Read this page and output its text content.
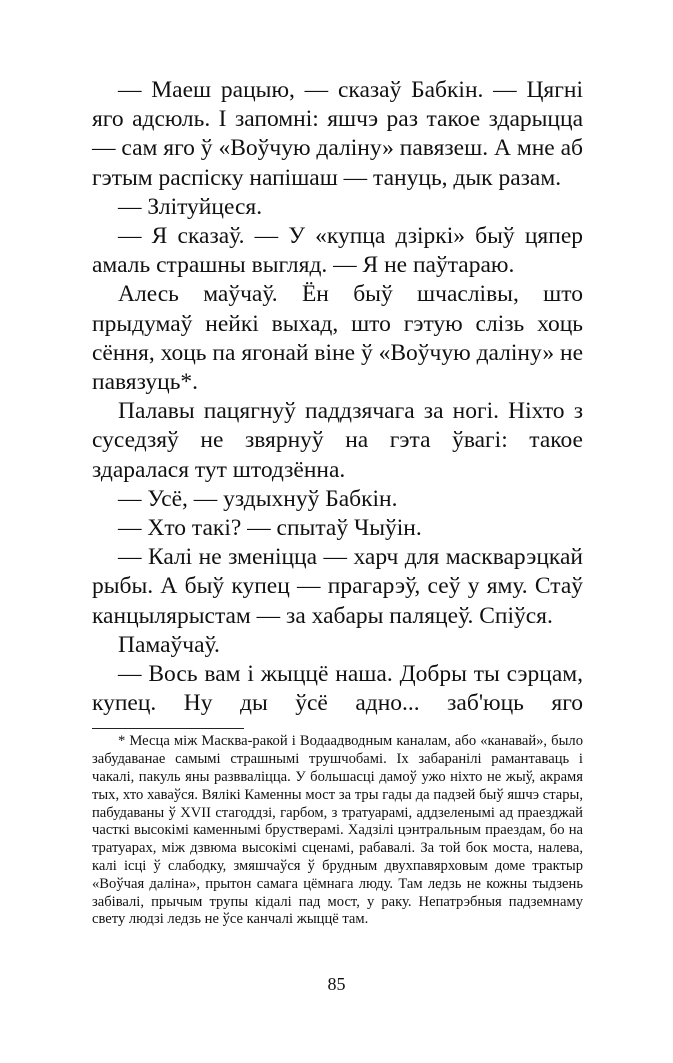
— Маеш рацыю, — сказаў Бабкін. — Цягні яго адсюль. І запомні: яшчэ раз такое здарыцца — сам яго ў «Воўчую даліну» павязеш. А мне аб гэтым распіску напішаш — тануць, дык разам.

— Злітуйцеся.

— Я сказаў. — У «купца дзіркі» быў цяпер амаль страшны выгляд. — Я не паўтараю.

Алесь маўчаў. Ён быў шчаслівы, што прыдумаў нейкі выхад, што гэтую слізь хоць сёння, хоць па ягонай віне ў «Воўчую даліну» не павязуць*.

Палавы пацягнуў паддзячага за ногі. Ніхто з суседзяў не звярнуў на гэта ўвагі: такое здаралася тут штодзённа.

— Усё, — уздыхнуў Бабкін.

— Хто такі? — спытаў Чыўін.

— Калі не зменіцца — харч для маскварэцкай рыбы. А быў купец — прагарэў, сеў у яму. Стаў канцылярыстам — за хабары паляцеў. Спіўся.

Памаўчаў.

— Вось вам і жыццё наша. Добры ты сэрцам, купец. Ну ды ўсё адно... заб'юць яго

* Месца між Масква-ракой і Водаадводным каналам, або «канавай», было забудаванае самымі страшнымі трушчобамі. Іх забаранілі рамантаваць і чакалі, пакуль яны развваліцца. У большасці дамоў ужо ніхто не жыў, акрамя тых, хто хаваўся. Вялікі Каменны мост за тры гады да падзей быў яшчэ стары, пабудаваны ў XVII стагоддзі, гарбом, з тратуарамі, аддзеленымі ад праезджай часткі высокімі каменнымі брустверамі. Хадзілі цэнтральным праездам, бо на тратуарах, між дзвюма высокімі сценамі, рабавалі. За той бок моста, налева, калі ісці ў слабодку, змяшчаўся ў брудным двухпавярховым доме трактыр «Воўчая даліна», прытон самага цёмнага люду. Там ледзь не кожны тыдзень забівалі, прычым трупы кідалі пад мост, у раку. Непатрэбныя падземнаму свету людзі ледзь не ўсе канчалі жыццё там.

85
